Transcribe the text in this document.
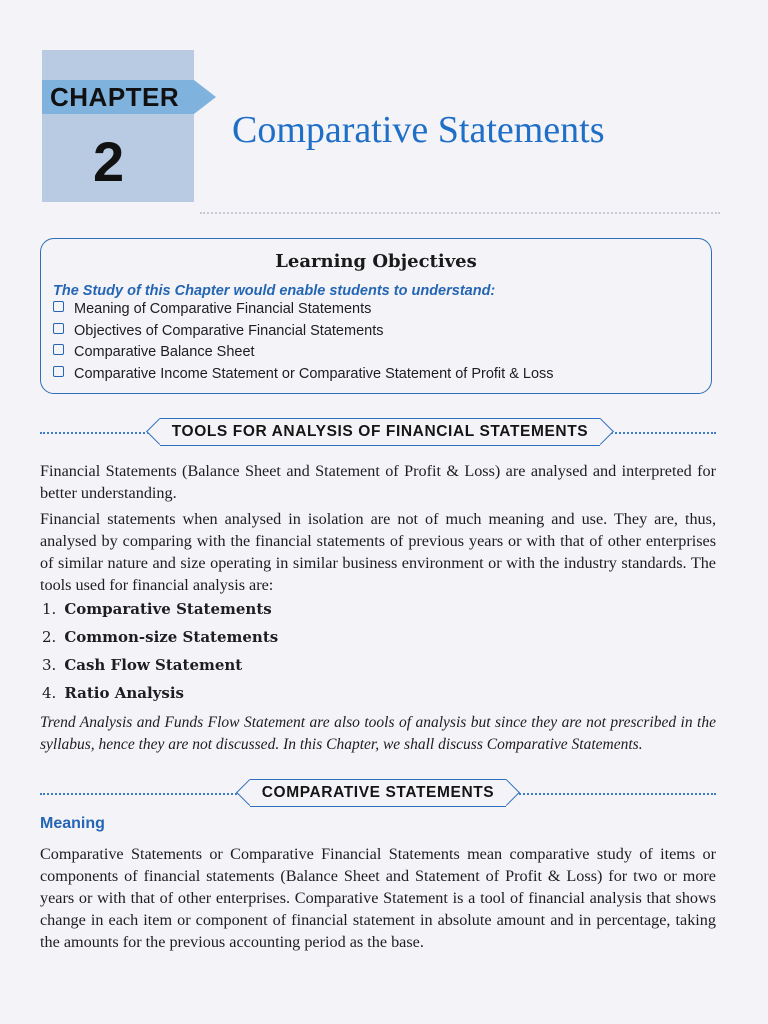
CHAPTER
2	Comparative Statements
Learning Objectives
The Study of this Chapter would enable students to understand:
Meaning of Comparative Financial Statements
Objectives of Comparative Financial Statements
Comparative Balance Sheet
Comparative Income Statement or Comparative Statement of Profit & Loss
TOOLS FOR ANALYSIS OF FINANCIAL STATEMENTS
Financial Statements (Balance Sheet and Statement of Profit & Loss) are analysed and interpreted for better understanding.
Financial statements when analysed in isolation are not of much meaning and use. They are, thus, analysed by comparing with the financial statements of previous years or with that of other enterprises of similar nature and size operating in similar business environment or with the industry standards. The tools used for financial analysis are:
1. Comparative Statements
2. Common-size Statements
3. Cash Flow Statement
4. Ratio Analysis
Trend Analysis and Funds Flow Statement are also tools of analysis but since they are not prescribed in the syllabus, hence they are not discussed. In this Chapter, we shall discuss Comparative Statements.
COMPARATIVE STATEMENTS
Meaning
Comparative Statements or Comparative Financial Statements mean comparative study of items or components of financial statements (Balance Sheet and Statement of Profit & Loss) for two or more years or with that of other enterprises. Comparative Statement is a tool of financial analysis that shows change in each item or component of financial statement in absolute amount and in percentage, taking the amounts for the previous accounting period as the base.
